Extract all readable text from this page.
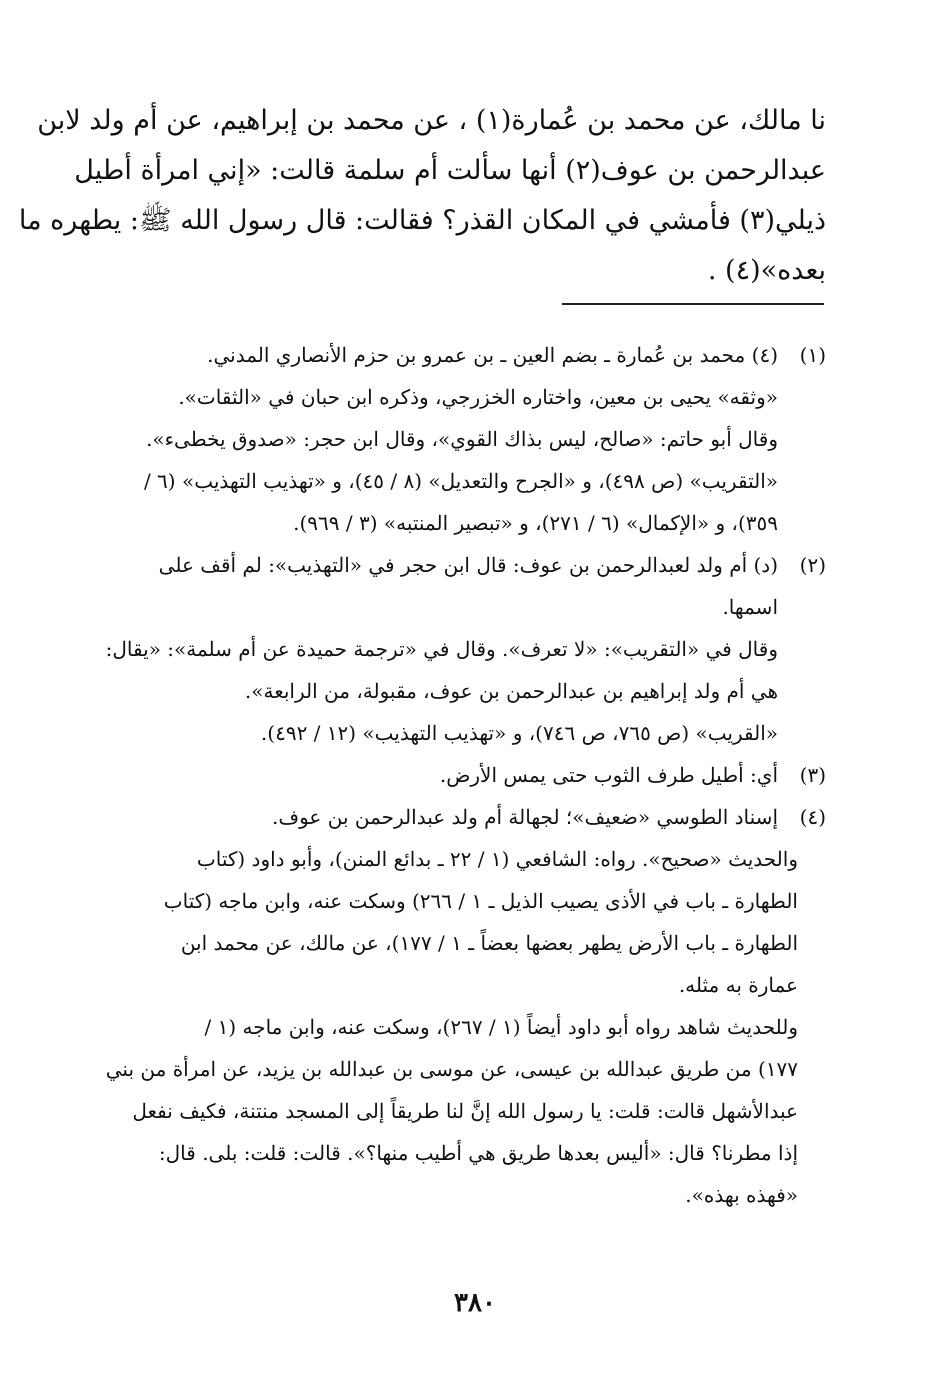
نا مالك، عن محمد بن عُمارة(١) ، عن محمد بن إبراهيم، عن أم ولد لابن
عبدالرحمن بن عوف(٢) أنها سألت أم سلمة قالت: «إني امرأة أطيل
ذيلي(٣) فأمشي في المكان القذر؟ فقالت: قال رسول الله ﷺ: يطهره ما
بعده»(٤) .
(١)(٤) محمد بن عُمارة ـ بضم العين ـ بن عمرو بن حزم الأنصاري المدني.
«وثقه» يحيى بن معين، واختاره الخزرجي، وذكره ابن حبان في «الثقات».
وقال أبو حاتم: «صالح، ليس بذاك القوي»، وقال ابن حجر: «صدوق يخطىء».
«التقريب» (ص ٤٩٨)، و «الجرح والتعديل» (٨ / ٤٥)، و «تهذيب التهذيب» (٦ /
٣٥٩)، و «الإكمال» (٦ / ٢٧١)، و «تبصير المنتبه» (٣ / ٩٦٩).
(٢)(د) أم ولد لعبدالرحمن بن عوف: قال ابن حجر في «التهذيب»: لم أقف على
اسمها.
وقال في «التقريب»: «لا تعرف». وقال في «ترجمة حميدة عن أم سلمة»: «يقال:
هي أم ولد إبراهيم بن عبدالرحمن بن عوف، مقبولة، من الرابعة».
«القريب» (ص ٧٦٥، ص ٧٤٦)، و «تهذيب التهذيب» (١٢ / ٤٩٢).
(٣)أي: أطيل طرف الثوب حتى يمس الأرض.
(٤)إسناد الطوسي «ضعيف»؛ لجهالة أم ولد عبدالرحمن بن عوف.
والحديث «صحيح». رواه: الشافعي (١ / ٢٢ ـ بدائع المنن)، وأبو داود (كتاب
الطهارة ـ باب في الأذى يصيب الذيل ـ ١ / ٢٦٦) وسكت عنه، وابن ماجه (كتاب
الطهارة ـ باب الأرض يطهر بعضها بعضاً ـ ١ / ١٧٧)، عن مالك، عن محمد ابن
عمارة به مثله.
وللحديث شاهد رواه أبو داود أيضاً (١ / ٢٦٧)، وسكت عنه، وابن ماجه (١ /
١٧٧) من طريق عبدالله بن عيسى، عن موسى بن عبدالله بن يزيد، عن امرأة من بني
عبدالأشهل قالت: قلت: يا رسول الله إنَّ لنا طريقاً إلى المسجد منتنة، فكيف نفعل
إذا مطرنا؟ قال: «أليس بعدها طريق هي أطيب منها؟». قالت: قلت: بلى. قال:
«فهذه بهذه».
٣٨٠
